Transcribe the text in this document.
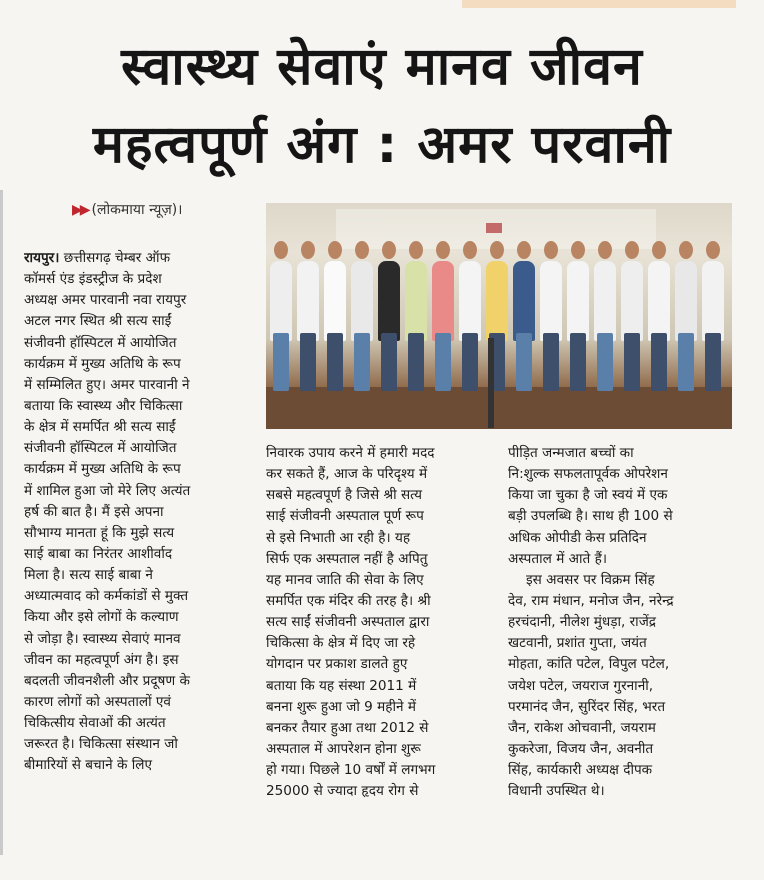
स्वास्थ्य सेवाएं मानव जीवन
महत्वपूर्ण अंग : अमर परवानी
▶▶ (लोकमाया न्यूज़)।
रायपुर। छत्तीसगढ़ चेम्बर ऑफ
कॉमर्स एंड इंडस्ट्रीज के प्रदेश
अध्यक्ष अमर पारवानी नवा रायपुर
अटल नगर स्थित श्री सत्य साईं
संजीवनी हॉस्पिटल में आयोजित
कार्यक्रम में मुख्य अतिथि के रूप
में सम्मिलित हुए। अमर पारवानी ने
बताया कि स्वास्थ्य और चिकित्सा
के क्षेत्र में समर्पित श्री सत्य साईं
संजीवनी हॉस्पिटल में आयोजित
कार्यक्रम में मुख्य अतिथि के रूप
में शामिल हुआ जो मेरे लिए अत्यंत
हर्ष की बात है। मैं इसे अपना
सौभाग्य मानता हूं कि मुझे सत्य
साई बाबा का निरंतर आशीर्वाद
मिला है। सत्य साई बाबा ने
अध्यात्मवाद को कर्मकांडों से मुक्त
किया और इसे लोगों के कल्याण
से जोड़ा है। स्वास्थ्य सेवाएं मानव
जीवन का महत्वपूर्ण अंग है। इस
बदलती जीवनशैली और प्रदूषण के
कारण लोगों को अस्पतालों एवं
चिकित्सीय सेवाओं की अत्यंत
जरूरत है। चिकित्सा संस्थान जो
बीमारियों से बचाने के लिए
निवारक उपाय करने में हमारी मदद
कर सकते हैं, आज के परिदृश्य में
सबसे महत्वपूर्ण है जिसे श्री सत्य
साई संजीवनी अस्पताल पूर्ण रूप
से इसे निभाती आ रही है। यह
सिर्फ एक अस्पताल नहीं है अपितु
यह मानव जाति की सेवा के लिए
समर्पित एक मंदिर की तरह है। श्री
सत्य साईं संजीवनी अस्पताल द्वारा
चिकित्सा के क्षेत्र में दिए जा रहे
योगदान पर प्रकाश डालते हुए
बताया कि यह संस्था 2011 में
बनना शुरू हुआ जो 9 महीने में
बनकर तैयार हुआ तथा 2012 से
अस्पताल में आपरेशन होना शुरू
हो गया। पिछले 10 वर्षों में लगभग
25000 से ज्यादा हृदय रोग से
पीड़ित जन्मजात बच्चों का
नि:शुल्क सफलतापूर्वक ओपरेशन
किया जा चुका है जो स्वयं में एक
बड़ी उपलब्धि है। साथ ही 100 से
अधिक ओपीडी केस प्रतिदिन
अस्पताल में आते हैं।
इस अवसर पर विक्रम सिंह
देव, राम मंधान, मनोज जैन, नरेन्द्र
हरचंदानी, नीलेश मुंधड़ा, राजेंद्र
खटवानी, प्रशांत गुप्ता, जयंत
मोहता, कांति पटेल, विपुल पटेल,
जयेश पटेल, जयराज गुरनानी,
परमानंद जैन, सुरिंदर सिंह, भरत
जैन, राकेश ओचवानी, जयराम
कुकरेजा, विजय जैन, अवनीत
सिंह, कार्यकारी अध्यक्ष दीपक
विधानी उपस्थित थे।
